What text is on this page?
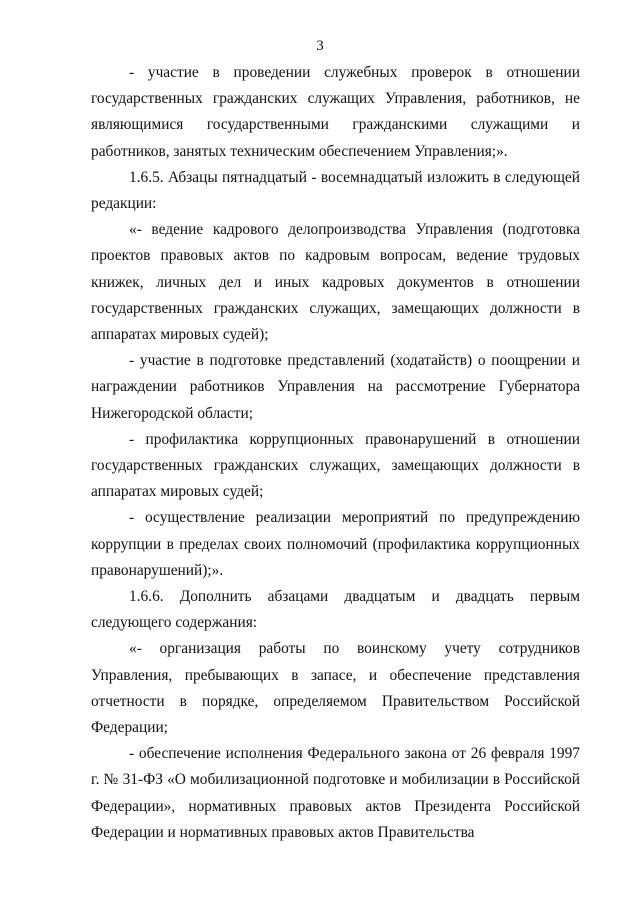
3

- участие в проведении служебных проверок в отношении государственных гражданских служащих Управления, работников, не являющимися государственными гражданскими служащими и работников, занятых техническим обеспечением Управления;».

1.6.5. Абзацы пятнадцатый - восемнадцатый изложить в следующей редакции:

«- ведение кадрового делопроизводства Управления (подготовка проектов правовых актов по кадровым вопросам, ведение трудовых книжек, личных дел и иных кадровых документов в отношении государственных гражданских служащих, замещающих должности в аппаратах мировых судей);

- участие в подготовке представлений (ходатайств) о поощрении и награждении работников Управления на рассмотрение Губернатора Нижегородской области;

- профилактика коррупционных правонарушений в отношении государственных гражданских служащих, замещающих должности в аппаратах мировых судей;

- осуществление реализации мероприятий по предупреждению коррупции в пределах своих полномочий (профилактика коррупционных правонарушений);».

1.6.6. Дополнить абзацами двадцатым и двадцать первым следующего содержания:

«- организация работы по воинскому учету сотрудников Управления, пребывающих в запасе, и обеспечение представления отчетности в порядке, определяемом Правительством Российской Федерации;

- обеспечение исполнения Федерального закона от 26 февраля 1997 г. № 31-ФЗ «О мобилизационной подготовке и мобилизации в Российской Федерации», нормативных правовых актов Президента Российской Федерации и нормативных правовых актов Правительства
